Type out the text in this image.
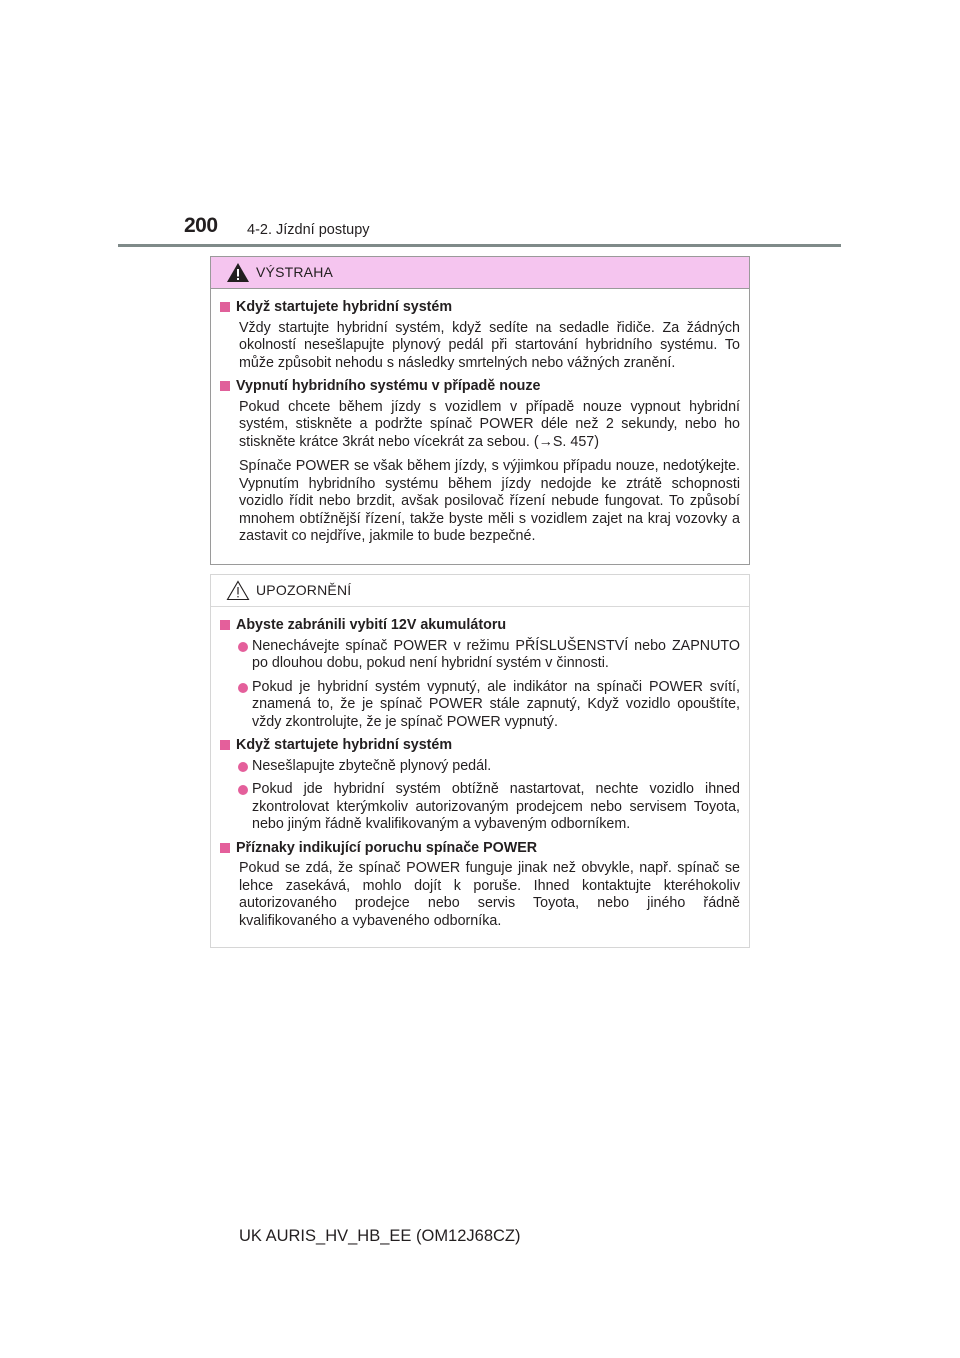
200 4-2. Jízdní postupy
VÝSTRAHA

Když startujete hybridní systém

Vždy startujte hybridní systém, když sedíte na sedadle řidiče. Za žádných okolností nesešlapujte plynový pedál při startování hybridního systému. To může způsobit nehodu s následky smrtelných nebo vážných zranění.

Vypnutí hybridního systému v případě nouze

Pokud chcete během jízdy s vozidlem v případě nouze vypnout hybridní systém, stiskněte a podržte spínač POWER déle než 2 sekundy, nebo ho stiskněte krátce 3krát nebo vícekrát za sebou. (→S. 457)

Spínače POWER se však během jízdy, s výjimkou případu nouze, nedotýkejte. Vypnutím hybridního systému během jízdy nedojde ke ztrátě schopnosti vozidlo řídit nebo brzdit, avšak posilovač řízení nebude fungovat. To způsobí mnohem obtížnější řízení, takže byste měli s vozidlem zajet na kraj vozovky a zastavit co nejdříve, jakmile to bude bezpečné.

UPOZORNĚNÍ

Abyste zabránili vybití 12V akumulátoru

Nenechávejte spínač POWER v režimu PŘÍSLUŠENSTVÍ nebo ZAPNUTO po dlouhou dobu, pokud není hybridní systém v činnosti.

Pokud je hybridní systém vypnutý, ale indikátor na spínači POWER svítí, znamená to, že je spínač POWER stále zapnutý, Když vozidlo opouštíte, vždy zkontrolujte, že je spínač POWER vypnutý.

Když startujete hybridní systém

Nesešlapujte zbytečně plynový pedál.

Pokud jde hybridní systém obtížně nastartovat, nechte vozidlo ihned zkontrolovat kterýmkoliv autorizovaným prodejcem nebo servisem Toyota, nebo jiným řádně kvalifikovaným a vybaveným odborníkem.

Příznaky indikující poruchu spínače POWER

Pokud se zdá, že spínač POWER funguje jinak než obvykle, např. spínač se lehce zasekává, mohlo dojít k poruše. Ihned kontaktujte kteréhokoliv autorizovaného prodejce nebo servis Toyota, nebo jiného řádně kvalifikovaného a vybaveného odborníka.

UK AURIS_HV_HB_EE (OM12J68CZ)
